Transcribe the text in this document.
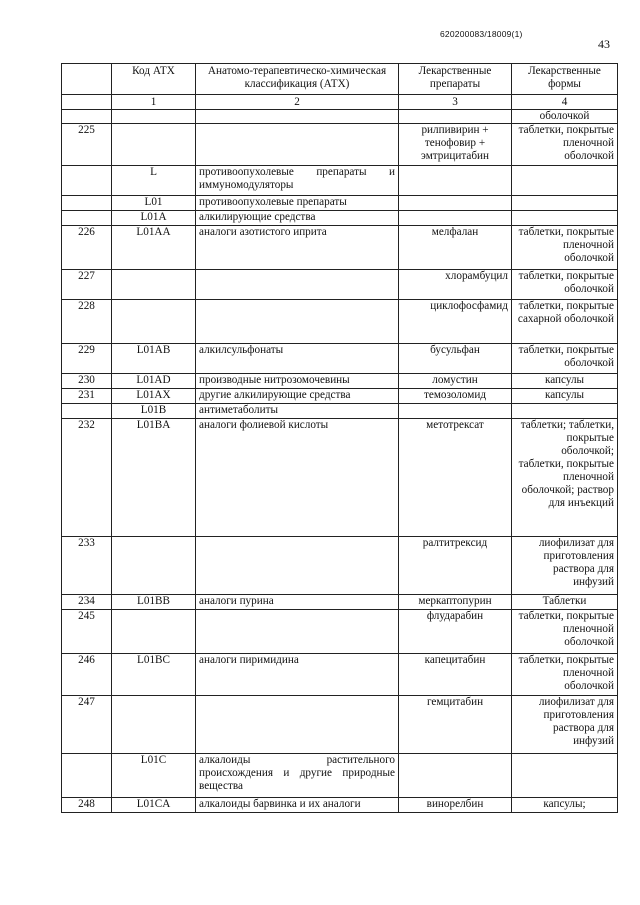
620200083/18009(1)
43
	Код АТХ	Анатомо-терапевтическо-химическая классификация (АТХ)	Лекарственные препараты	Лекарственные формы
	1	2	3	4
				оболочкой
225			рилпивирин + тенофовир + эмтрицитабин	таблетки, покрытые пленочной оболочкой
	L	противоопухолевые препараты и иммуномодуляторы		
	L01	противоопухолевые препараты		
	L01A	алкилирующие средства		
226	L01AA	аналоги азотистого иприта	мелфалан	таблетки, покрытые пленочной оболочкой
227			хлорамбуцил	таблетки, покрытые оболочкой
228			циклофосфамид	таблетки, покрытые сахарной оболочкой
229	L01AB	алкилсульфонаты	бусульфан	таблетки, покрытые оболочкой
230	L01AD	производные нитрозомочевины	ломустин	капсулы
231	L01AX	другие алкилирующие средства	темозоломид	капсулы
	L01B	антиметаболиты		
232	L01BA	аналоги фолиевой кислоты	метотрексат	таблетки; таблетки, покрытые оболочкой; таблетки, покрытые пленочной оболочкой; раствор для инъекций
233			ралтитрексид	лиофилизат для приготовления раствора для инфузий
234	L01BB	аналоги пурина	меркаптопурин	Таблетки
245			флударабин	таблетки, покрытые пленочной оболочкой
246	L01BC	аналоги пиримидина	капецитабин	таблетки, покрытые пленочной оболочкой
247			гемцитабин	лиофилизат для приготовления раствора для инфузий
	L01C	алкалоиды растительного происхождения и другие природные вещества		
248	L01CA	алкалоиды барвинка и их аналоги	винорелбин	капсулы;
